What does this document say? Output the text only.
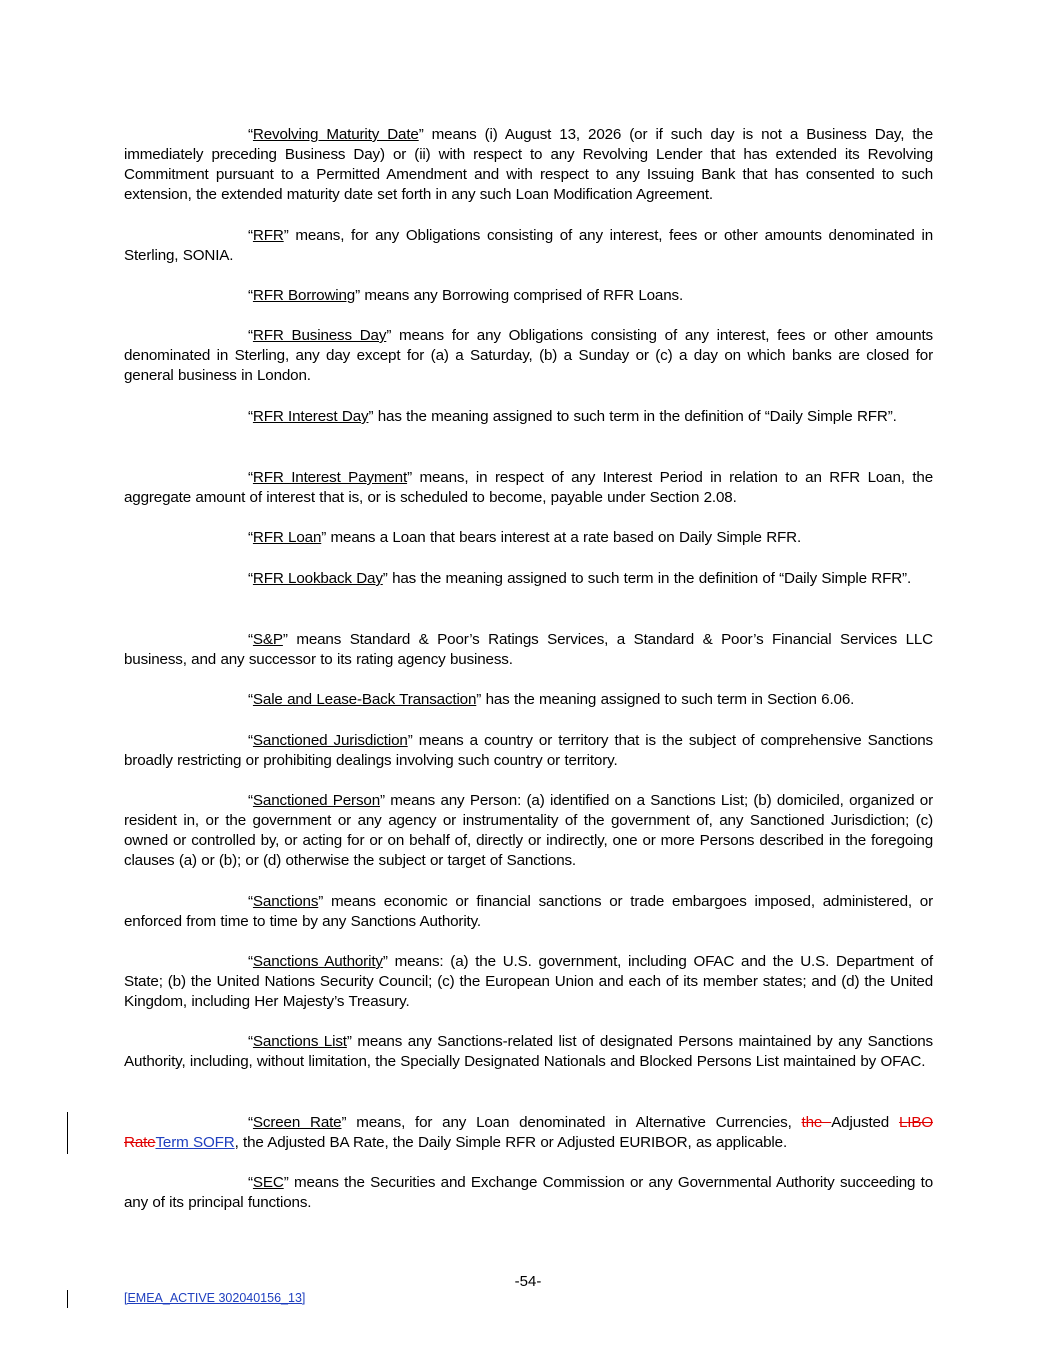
“Revolving Maturity Date” means (i) August 13, 2026 (or if such day is not a Business Day, the immediately preceding Business Day) or (ii) with respect to any Revolving Lender that has extended its Revolving Commitment pursuant to a Permitted Amendment and with respect to any Issuing Bank that has consented to such extension, the extended maturity date set forth in any such Loan Modification Agreement.

“RFR” means, for any Obligations consisting of any interest, fees or other amounts denominated in Sterling, SONIA.

“RFR Borrowing” means any Borrowing comprised of RFR Loans.

“RFR Business Day” means for any Obligations consisting of any interest, fees or other amounts denominated in Sterling, any day except for (a) a Saturday, (b) a Sunday or (c) a day on which banks are closed for general business in London.

“RFR Interest Day” has the meaning assigned to such term in the definition of “Daily Simple RFR”.

“RFR Interest Payment” means, in respect of any Interest Period in relation to an RFR Loan, the aggregate amount of interest that is, or is scheduled to become, payable under Section 2.08.

“RFR Loan” means a Loan that bears interest at a rate based on Daily Simple RFR.

“RFR Lookback Day” has the meaning assigned to such term in the definition of “Daily Simple RFR”.

“S&P” means Standard & Poor’s Ratings Services, a Standard & Poor’s Financial Services LLC business, and any successor to its rating agency business.

“Sale and Lease-Back Transaction” has the meaning assigned to such term in Section 6.06.

“Sanctioned Jurisdiction” means a country or territory that is the subject of comprehensive Sanctions broadly restricting or prohibiting dealings involving such country or territory.

“Sanctioned Person” means any Person: (a) identified on a Sanctions List; (b) domiciled, organized or resident in, or the government or any agency or instrumentality of the government of, any Sanctioned Jurisdiction; (c) owned or controlled by, or acting for or on behalf of, directly or indirectly, one or more Persons described in the foregoing clauses (a) or (b); or (d) otherwise the subject or target of Sanctions.

“Sanctions” means economic or financial sanctions or trade embargoes imposed, administered, or enforced from time to time by any Sanctions Authority.

“Sanctions Authority” means: (a) the U.S. government, including OFAC and the U.S. Department of State; (b) the United Nations Security Council; (c) the European Union and each of its member states; and (d) the United Kingdom, including Her Majesty’s Treasury.

“Sanctions List” means any Sanctions-related list of designated Persons maintained by any Sanctions Authority, including, without limitation, the Specially Designated Nationals and Blocked Persons List maintained by OFAC.

“Screen Rate” means, for any Loan denominated in Alternative Currencies, the Adjusted LIBO RateTerm SOFR, the Adjusted BA Rate, the Daily Simple RFR or Adjusted EURIBOR, as applicable.

“SEC” means the Securities and Exchange Commission or any Governmental Authority succeeding to any of its principal functions.

-54-
[EMEA_ACTIVE 302040156_13]
